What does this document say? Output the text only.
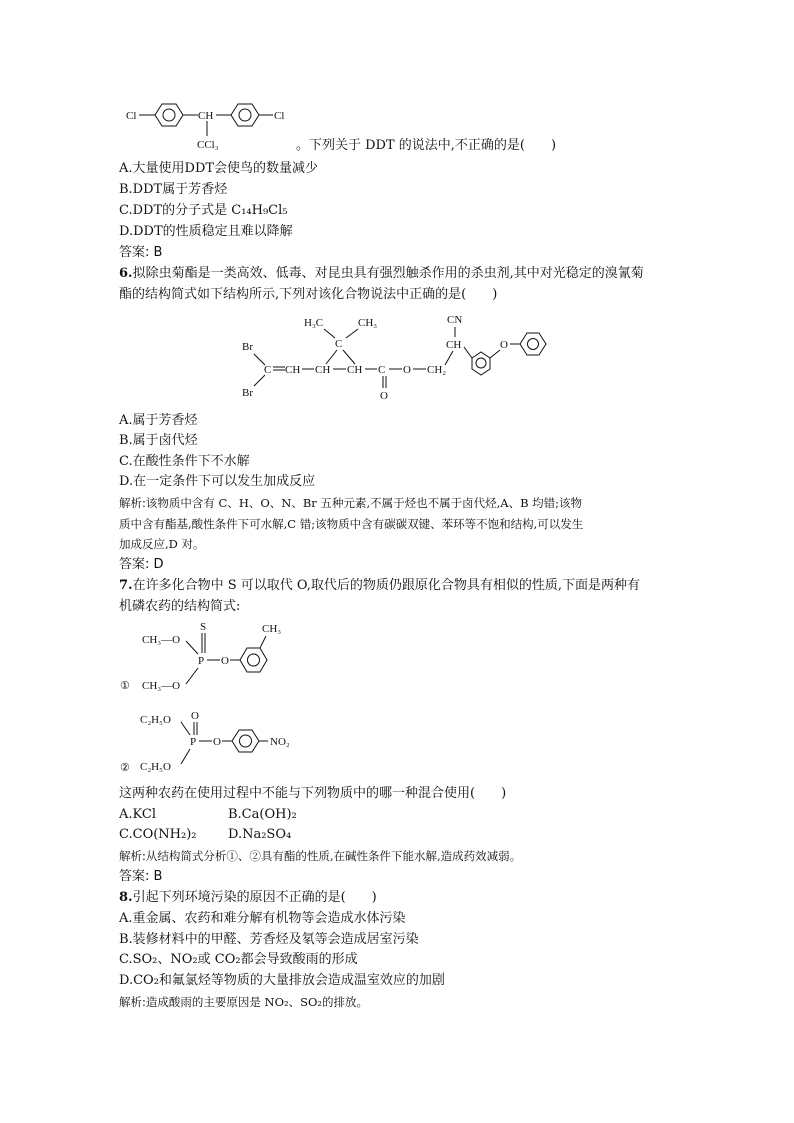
Cl	CH	Cl
CCl₃	。下列关于 DDT 的说法中,不正确的是(　　)
A.大量使用DDT会使鸟的数量减少
B.DDT属于芳香烃
C.DDT的分子式是 C₁₄H₉Cl₅
D.DDT的性质稳定且难以降解
答案: B
6.拟除虫菊酯是一类高效、低毒、对昆虫具有强烈触杀作用的杀虫剂,其中对光稳定的溴氰菊
酯的结构简式如下结构所示,下列对该化合物说法中正确的是(　　)
Br
Br
C CH CH CH C
O
O CH₂
C
H₃C	CH₃
CH
CN
O
A.属于芳香烃
B.属于卤代烃
C.在酸性条件下不水解
D.在一定条件下可以发生加成反应
解析:该物质中含有 C、H、O、N、Br 五种元素,不属于烃也不属于卤代烃,A、B 均错;该物
质中含有酯基,酸性条件下可水解,C 错;该物质中含有碳碳双键、苯环等不饱和结构,可以发生
加成反应,D 对。
答案: D
7.在许多化合物中 S 可以取代 O,取代后的物质仍跟原化合物具有相似的性质,下面是两种有
机磷农药的结构简式:
①
CH₃—O
S
P O
CH₃
CH₃—O
②
C₂H₅O O
P O	NO₂
C₂H₅O
这两种农药在使用过程中不能与下列物质中的哪一种混合使用(　　)
A.KCl	B.Ca(OH)₂
C.CO(NH₂)₂ D.Na₂SO₄
解析:从结构简式分析①、②具有酯的性质,在碱性条件下能水解,造成药效减弱。
答案: B
8.引起下列环境污染的原因不正确的是(　　)
A.重金属、农药和难分解有机物等会造成水体污染
B.装修材料中的甲醛、芳香烃及氡等会造成居室污染
C.SO₂、NO₂或 CO₂都会导致酸雨的形成
D.CO₂和氟氯烃等物质的大量排放会造成温室效应的加剧
解析:造成酸雨的主要原因是 NO₂、SO₂的排放。
